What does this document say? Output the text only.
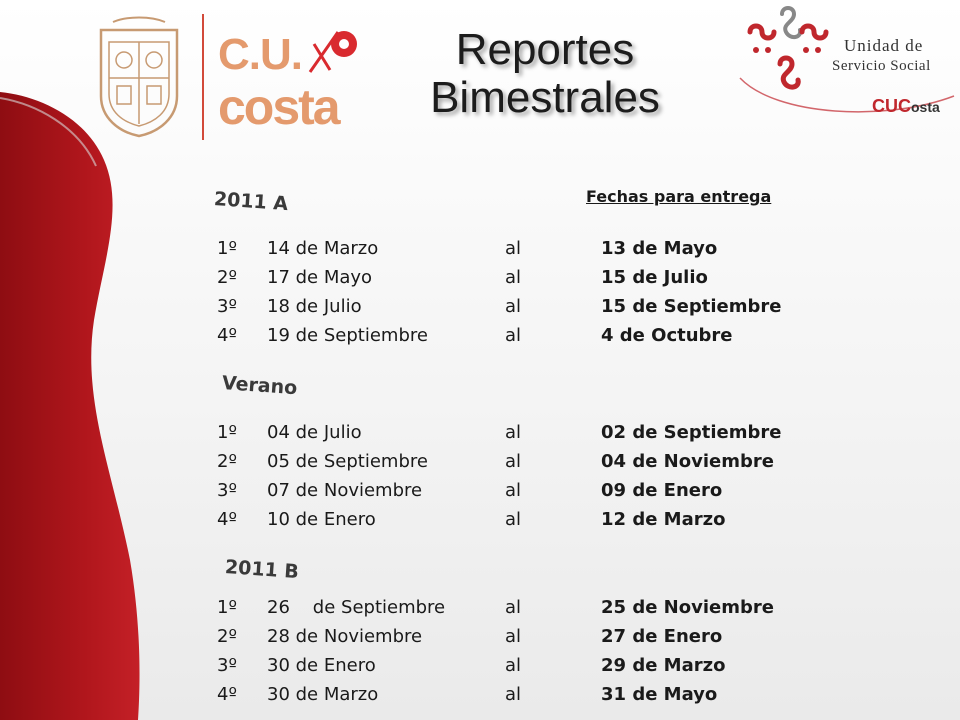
C.U.
costa
Reportes
Bimestrales
Unidad de
Servicio Social
CUCosta
2011 A
Verano
2011 B
Fechas para entrega
1º 14 de Marzo	al	13 de Mayo
2º 17 de Mayo	al	15 de Julio
3º 18 de Julio	al	15 de Septiembre
4º 19 de Septiembre	al	4 de Octubre
1º 04 de Julio	al	02 de Septiembre
2º 05 de Septiembre	al	04 de Noviembre
3º 07 de Noviembre	al	09 de Enero
4º 10 de Enero	al	12 de Marzo
1º 26    de Septiembre	al	25 de Noviembre
2º 28 de Noviembre	al	27 de Enero
3º 30 de Enero	al	29 de Marzo
4º 30 de Marzo	al	31 de Mayo
